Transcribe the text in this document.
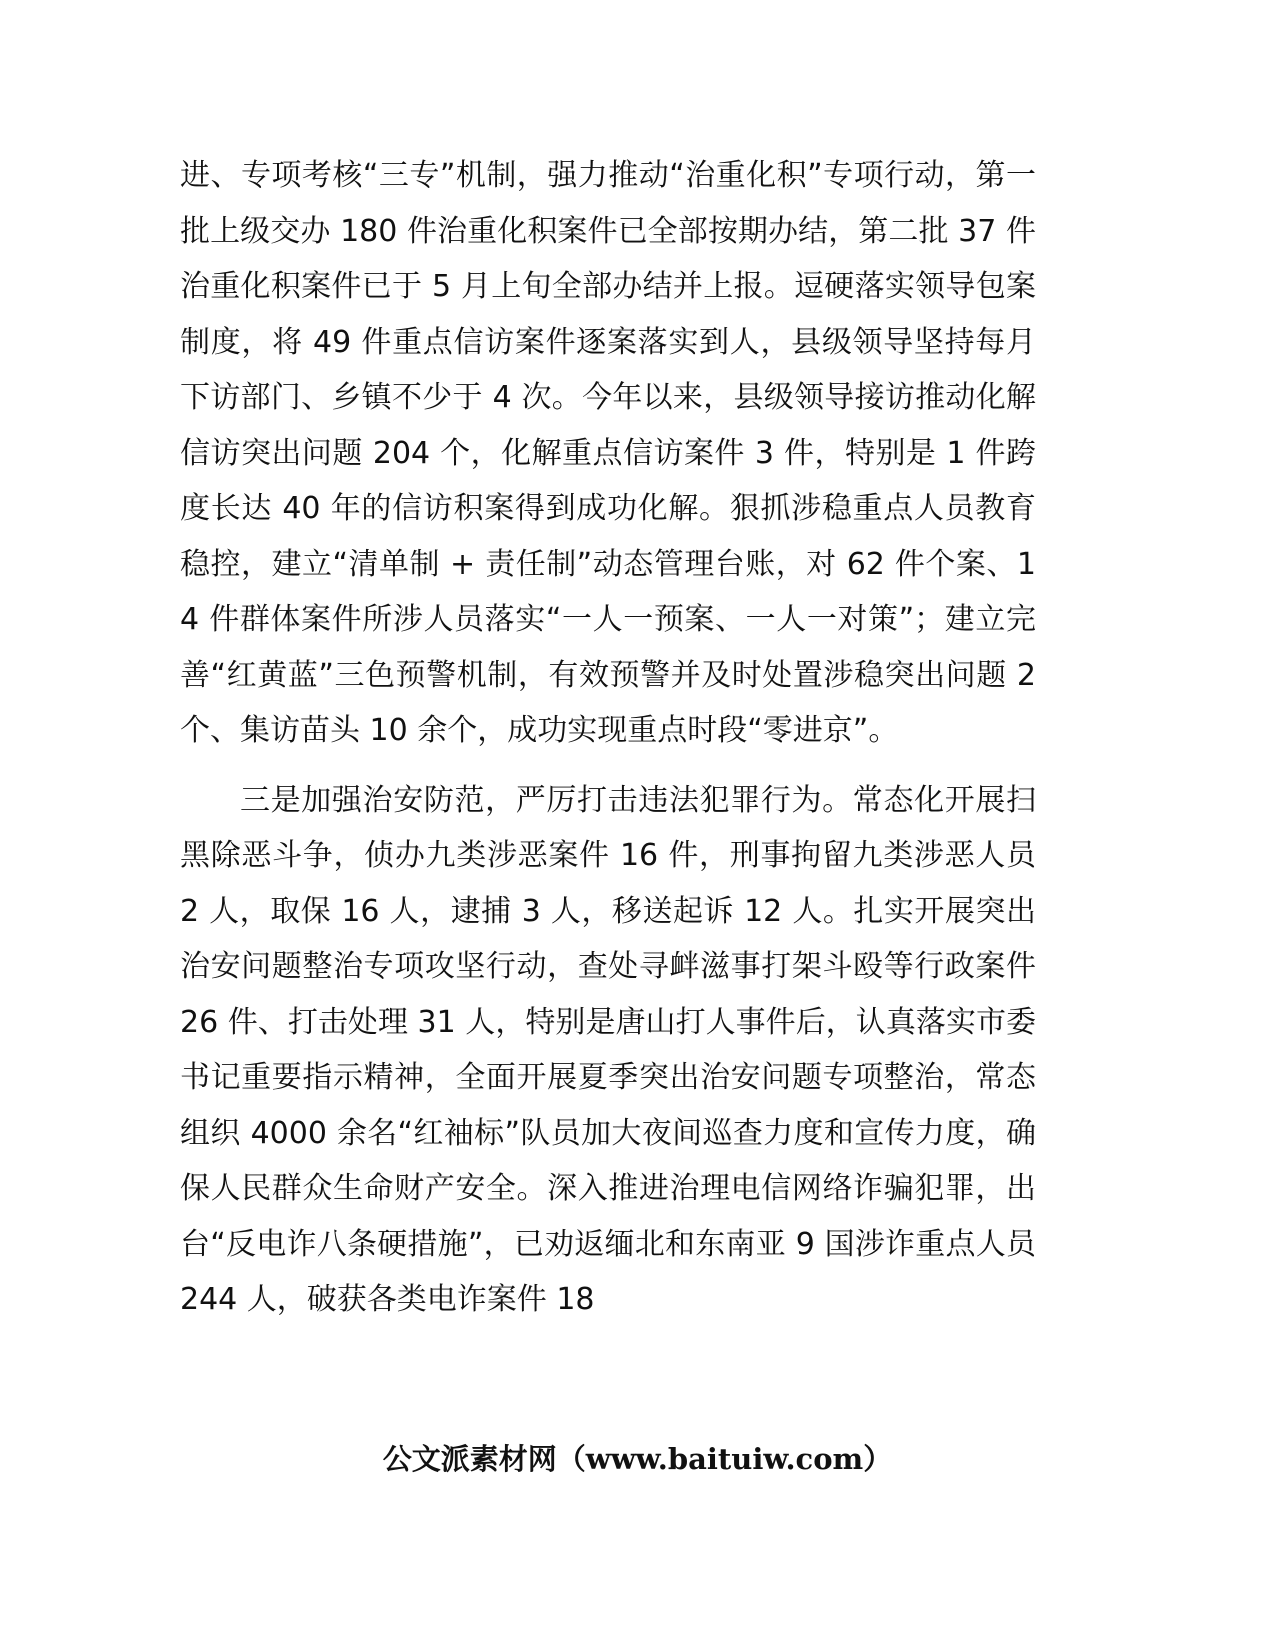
进、专项考核“三专”机制，强力推动“治重化积”专项行动，第一批上级交办 180 件治重化积案件已全部按期办结，第二批 37 件治重化积案件已于 5 月上旬全部办结并上报。逗硬落实领导包案制度，将 49 件重点信访案件逐案落实到人，县级领导坚持每月下访部门、乡镇不少于 4 次。今年以来，县级领导接访推动化解信访突出问题 204 个，化解重点信访案件 3 件，特别是 1 件跨度长达 40 年的信访积案得到成功化解。狠抓涉稳重点人员教育稳控，建立“清单制 + 责任制”动态管理台账，对 62 件个案、14 件群体案件所涉人员落实“一人一预案、一人一对策”；建立完善“红黄蓝”三色预警机制，有效预警并及时处置涉稳突出问题 2 个、集访苗头 10 余个，成功实现重点时段“零进京”。

三是加强治安防范，严厉打击违法犯罪行为。常态化开展扫黑除恶斗争，侦办九类涉恶案件 16 件，刑事拘留九类涉恶人员 2 人，取保 16 人，逮捕 3 人，移送起诉 12 人。扎实开展突出治安问题整治专项攻坚行动，查处寻衅滋事打架斗殴等行政案件 26 件、打击处理 31 人，特别是唐山打人事件后，认真落实市委书记重要指示精神，全面开展夏季突出治安问题专项整治，常态组织 4000 余名“红袖标”队员加大夜间巡查力度和宣传力度，确保人民群众生命财产安全。深入推进治理电信网络诈骗犯罪，出台“反电诈八条硬措施”，已劝返缅北和东南亚 9 国涉诈重点人员 244 人，破获各类电诈案件 18

公文派素材网（www.baituiw.com）
